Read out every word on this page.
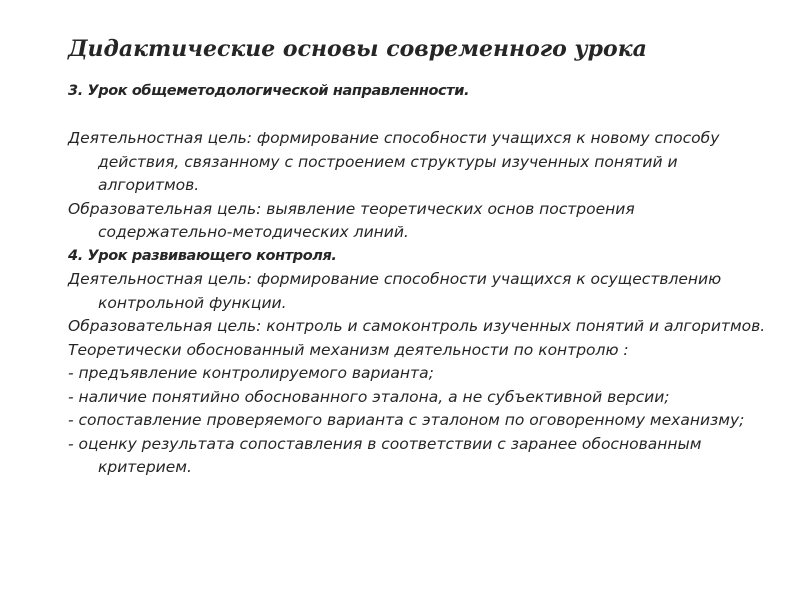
Дидактические основы современного урока
3. Урок общеметодологической направленности.
Деятельностная цель: формирование способности учащихся к новому способу действия, связанному с построением структуры изученных понятий и алгоритмов.
Образовательная цель: выявление теоретических основ построения содержательно-методических линий.
4. Урок развивающего контроля.
Деятельностная цель: формирование способности учащихся к осуществлению контрольной функции.
Образовательная цель: контроль и самоконтроль изученных понятий и алгоритмов.
Теоретически обоснованный механизм деятельности по контролю :
- предъявление контролируемого варианта;
- наличие понятийно обоснованного эталона, а не субъективной версии;
- сопоставление проверяемого варианта с эталоном по оговоренному механизму;
- оценку результата сопоставления в соответствии с заранее обоснованным критерием.
